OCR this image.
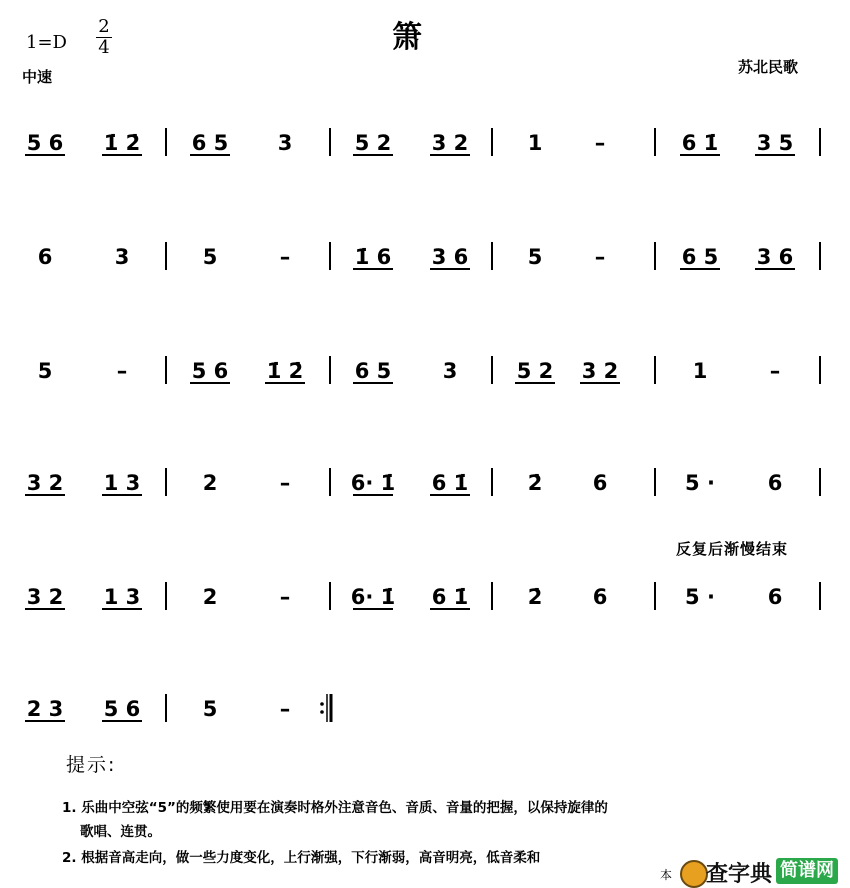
箫
1=D
2
4
中速
苏北民歌
反复后渐慢结束
5 6 1̇ 2̇ 6 5 3	5 2 3 2	1 –	6 1̇ 3 5
6	3	5	–	1̇ 6 3 6	5 –	6 5 3 6
5	–	5 6 1̇ 2̇ 6 5 3	5 2 3 2	1	–
3 2 1 3	2	–	6· 1̇ 6 1̇	2̇ 6	5 ·	6
3 2 1 3	2	–	6· 1̇ 6 1̇	2̇ 6	5 ·	6
2 3 5 6	5	–
提示:
1. 乐曲中空弦“5”的频繁使用要在演奏时格外注意音色、音质、音量的把握，以保持旋律的
歌唱、连贯。
2. 根据音高走向，做一些力度变化，上行渐强，下行渐弱，高音明亮，低音柔和
本 查字典 简谱网
